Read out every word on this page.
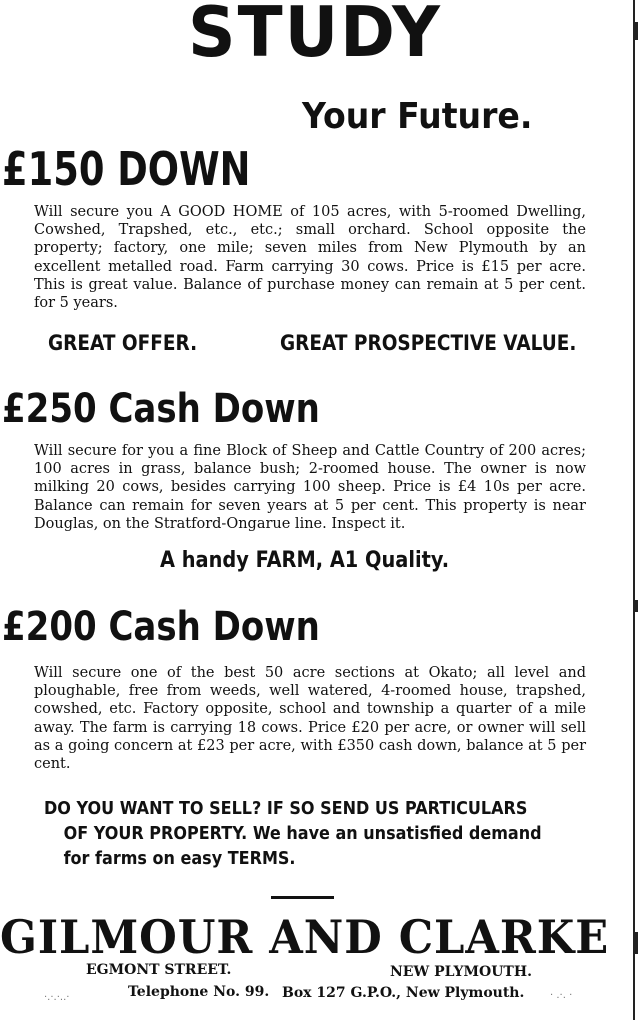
STUDY
Your Future.
£150 DOWN

Will secure you A GOOD HOME of 105 acres, with 5-roomed Dwelling, Cowshed, Trapshed, etc., etc.; small orchard. School opposite the property; factory, one mile; seven miles from New Plymouth by an excellent metalled road. Farm carrying 30 cows. Price is £15 per acre. This is great value. Balance of purchase money can remain at 5 per cent. for 5 years.

GREAT OFFER.	GREAT PROSPECTIVE VALUE.
£250 Cash Down

Will secure for you a fine Block of Sheep and Cattle Country of 200 acres; 100 acres in grass, balance bush; 2-roomed house. The owner is now milking 20 cows, besides carrying 100 sheep. Price is £4 10s per acre. Balance can remain for seven years at 5 per cent. This property is near Douglas, on the Stratford-Ongarue line. Inspect it.

A handy FARM, A1 Quality.
£200 Cash Down

Will secure one of the best 50 acre sections at Okato; all level and ploughable, free from weeds, well watered, 4-roomed house, trapshed, cowshed, etc. Factory opposite, school and township a quarter of a mile away. The farm is carrying 18 cows. Price £20 per acre, or owner will sell as a going concern at £23 per acre, with £350 cash down, balance at 5 per cent.

DO YOU WANT TO SELL? IF SO SEND US PARTICULARS
OF YOUR PROPERTY. We have an unsatisfied demand
for farms on easy TERMS.
GILMOUR AND CLARKE
EGMONT STREET.	NEW PLYMOUTH.
Telephone No. 99. Box 127 G.P.O., New Plymouth.
·.·.·..·	· .·. ·
